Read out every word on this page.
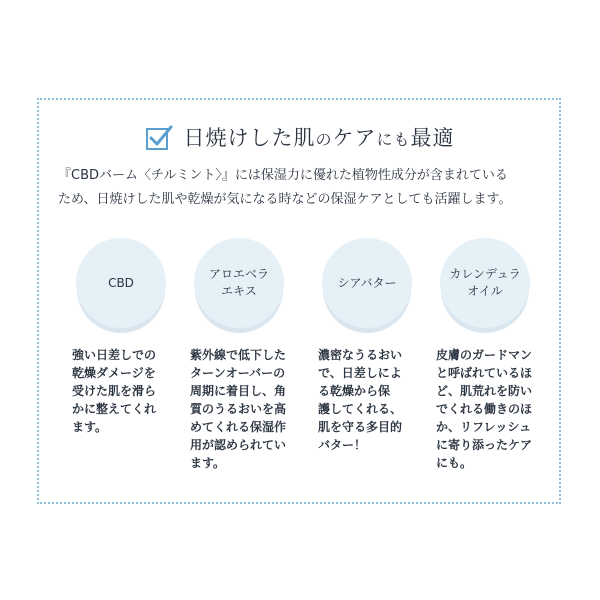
日焼けした肌のケアにも最適

『CBDバーム〈チルミント〉』には保湿力に優れた植物性成分が含まれている

ため、日焼けした肌や乾燥が気になる時などの保湿ケアとしても活躍します。

CBD
強い日差しでの
乾燥ダメージを
受けた肌を滑ら
かに整えてくれ
ます。
アロエベラ
エキス
紫外線で低下した
ターンオーバーの
周期に着目し、角
質のうるおいを高
めてくれる保湿作
用が認められてい
ます。
シアバター
濃密なうるおい
で、日差しによ
る乾燥から保
護してくれる、
肌を守る多目的
バター！
カレンデュラ
オイル
皮膚のガードマン
と呼ばれているほ
ど、肌荒れを防い
でくれる働きのほ
か、リフレッシュ
に寄り添ったケア
にも。
